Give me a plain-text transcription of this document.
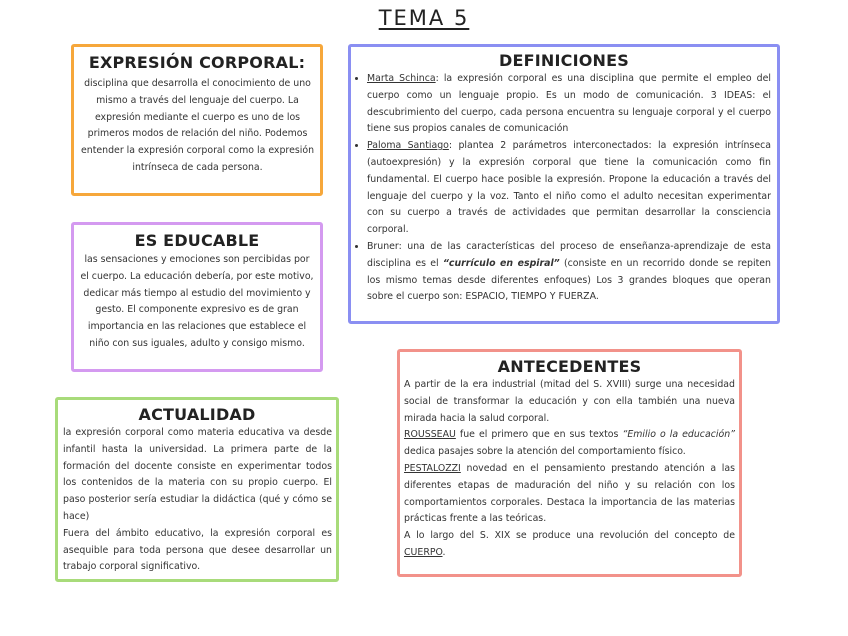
TEMA 5
EXPRESIÓN CORPORAL:

disciplina que desarrolla el conocimiento de uno mismo a través del lenguaje del cuerpo. La expresión mediante el cuerpo es uno de los primeros modos de relación del niño. Podemos entender la expresión corporal como la expresión intrínseca de cada persona.

ES EDUCABLE

las sensaciones y emociones son percibidas por el cuerpo. La educación debería, por este motivo, dedicar más tiempo al estudio del movimiento y gesto. El componente expresivo es de gran importancia en las relaciones que establece el niño con sus iguales, adulto y consigo mismo.

ACTUALIDAD
la expresión corporal como materia educativa va desde infantil hasta la universidad. La primera parte de la formación del docente consiste en experimentar todos los contenidos de la materia con su propio cuerpo. El paso posterior sería estudiar la didáctica (qué y cómo se hace)
Fuera del ámbito educativo, la expresión corporal es asequible para toda persona que desee desarrollar un trabajo corporal significativo.
DEFINICIONES
• Marta Schinca: la expresión corporal es una disciplina que permite el empleo del cuerpo como un lenguaje propio. Es un modo de comunicación. 3 IDEAS: el descubrimiento del cuerpo, cada persona encuentra su lenguaje corporal y el cuerpo tiene sus propios canales de comunicación
• Paloma Santiago: plantea 2 parámetros interconectados: la expresión intrínseca (autoexpresión) y la expresión corporal que tiene la comunicación como fin fundamental. El cuerpo hace posible la expresión. Propone la educación a través del lenguaje del cuerpo y la voz. Tanto el niño como el adulto necesitan experimentar con su cuerpo a través de actividades que permitan desarrollar la consciencia corporal.
• Bruner: una de las características del proceso de enseñanza-aprendizaje de esta disciplina es el “currículo en espiral” (consiste en un recorrido donde se repiten los mismo temas desde diferentes enfoques) Los 3 grandes bloques que operan sobre el cuerpo son: ESPACIO, TIEMPO Y FUERZA.
ANTECEDENTES
A partir de la era industrial (mitad del S. XVIII) surge una necesidad social de transformar la educación y con ella también una nueva mirada hacia la salud corporal.
ROUSSEAU fue el primero que en sus textos “Emilio o la educación” dedica pasajes sobre la atención del comportamiento físico.
PESTALOZZI novedad en el pensamiento prestando atención a las diferentes etapas de maduración del niño y su relación con los comportamientos corporales. Destaca la importancia de las materias prácticas frente a las teóricas.
A lo largo del S. XIX se produce una revolución del concepto de CUERPO.
